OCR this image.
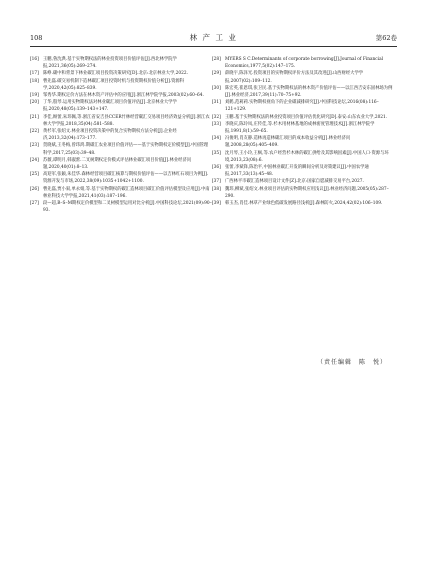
108	林 产 工 业	第62卷
[16] 王鹏,鲁沈典.基于实物期权法的林业投资项目价值评估[J].西北林学院学报,2021,36(05):269–274.
[17] 陈峥.碳中和背景下林业碳汇项目投资决策研究[D].北京:北京林业大学,2022.
[18] 曹先磊.碳交易机制下造林碳汇项目投资时机与投资期权价值分析[J].资源科学,2020,42(05):825–839.
[19] 邹秀华.期权定价方法在林木资产评估中的应用[J].浙江林学院学报,2003(02):60–64.
[20] 丁华,殷琴.运用实物期权法对林业碳汇项目价值评估[J].北京林业大学学报,2020,48(05):139–143+147.
[21] 李佳,顾蕾,朱玮佩,等.浙江省安吉县CCER竹林经营碳汇交易项目经济效益分析[J].浙江农林大学学报,2018,35(04):581–588.
[22] 黄杉军,张绍文.林业项目投资决策中的复合实物期权方法分析[J].企业经济,2013,32(04):173–177.
[23] 贺晓斌,王冬梅,曾玮鸿.期碳汇农业项目价值评估——基于实物期权定价模型[J].中国管理科学,2017,25(03):39–48.
[24] 苏薇,谭明月,韩淑蕾.二叉树期权定价模式评估林业碳汇项目价值[J].林业经济问题,2020,40(01):8–13.
[25] 高迎军,张颖,朱佳华.森林经营项目碳汇核算与期权价值评估——以吉林红石项目为例[J].资源开发与市场,2022,38(09):1035+1042+1100.
[26] 曹先磊,贾小叙,单永娟,等.基于实物期权的碳汇造林项目碳汇价值评估模型及应用[J].中南林业科技大学学报,2021,41(03):187–196.
[27] 段—超,B–S–M期权定价模型和二叉树模型运用对比分析[J].中国科技论坛,2021(09):90–93.
[28] MYERS S C.Determinants of corporate borrowing[J].Journal of Financial Economics,1977,5(02):147–175.
[29] 薛晓宇,陈泽光.投资项目的实物期权评价方法及其改进[J].山西财经大学学报,2007(02):109–112.
[30] 陈宏英,崔恩琪,张卫民.基于实物期权法的林木资产价值评估——以江西吉安东固林场为例[J].林业经济,2017,39(11):70–75+92.
[31] 刘鹤,范莉莉.实物期权视角下的企业碳减排研究[J].中国科技论坛,2016(08):116–121+129.
[32] 王鹏.基于实物期权法的林业投资项目价值评估优化研究[D].泰安:山东农业大学,2021.
[33] 李晓庆,陈玲凤,庄传佳,等.杉木用材林基地的成林密度管理技术[J].浙江林学院学报,1991,8(1):59–65.
[34] 冯俊明,肖友静.造林再造林碳汇项目的成本收益分析[J].林业经济问题,2008,28(05):405–409.
[35] 沈月琴,王小玲,王枫,等.农户经营杉木林的碳汇供给及其影响因素[J].中国人口·资源与环境,2013,23(08):6.
[36] 张蕾,李斌锋,陈治平,中国林业碳汇开发的瞬间分析及对策建议[J].中国农学通报,2017,33(13):45–48.
[37] 广西林平市碳汇造林项目设计文件[Z].北京:国家自愿减排交易平台,2027.
[38] 魏玮,柳斌,张绍文.林业项目评估的实物期权应用浅议[J].林业经济问题,2005(05):287–290.
[39] 韩玉杰,肖佳.林草产业绿色低碳发展路径浅析[J].森林防火,2024,42(02):106–109.
（责任编辑　陈　悦）
